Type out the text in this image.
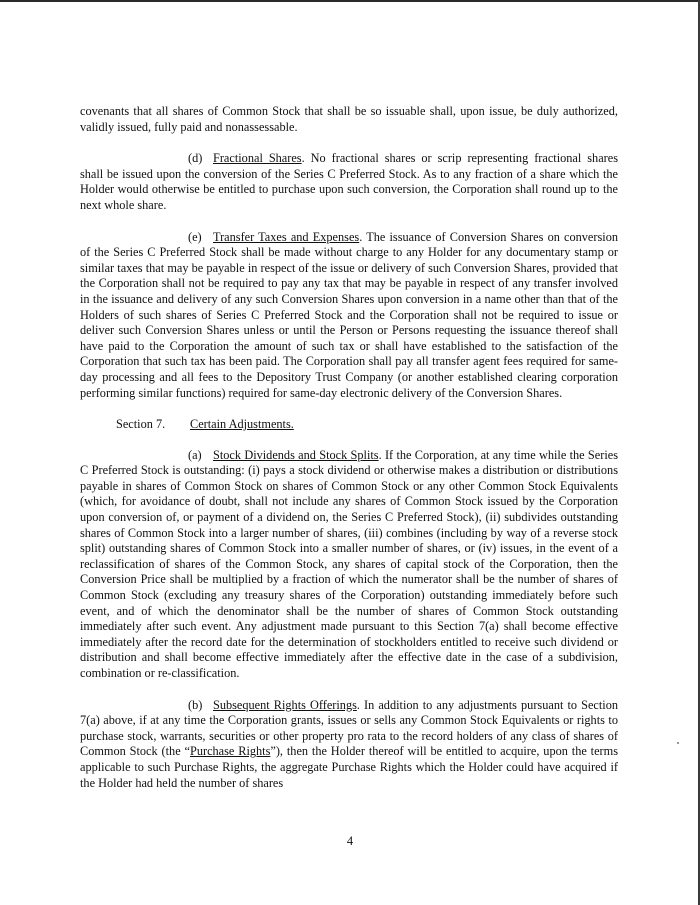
covenants that all shares of Common Stock that shall be so issuable shall, upon issue, be duly authorized, validly issued, fully paid and nonassessable.

(d) Fractional Shares. No fractional shares or scrip representing fractional shares shall be issued upon the conversion of the Series C Preferred Stock. As to any fraction of a share which the Holder would otherwise be entitled to purchase upon such conversion, the Corporation shall round up to the next whole share.

(e) Transfer Taxes and Expenses. The issuance of Conversion Shares on conversion of the Series C Preferred Stock shall be made without charge to any Holder for any documentary stamp or similar taxes that may be payable in respect of the issue or delivery of such Conversion Shares, provided that the Corporation shall not be required to pay any tax that may be payable in respect of any transfer involved in the issuance and delivery of any such Conversion Shares upon conversion in a name other than that of the Holders of such shares of Series C Preferred Stock and the Corporation shall not be required to issue or deliver such Conversion Shares unless or until the Person or Persons requesting the issuance thereof shall have paid to the Corporation the amount of such tax or shall have established to the satisfaction of the Corporation that such tax has been paid. The Corporation shall pay all transfer agent fees required for same-day processing and all fees to the Depository Trust Company (or another established clearing corporation performing similar functions) required for same-day electronic delivery of the Conversion Shares.

Section 7. Certain Adjustments.

(a) Stock Dividends and Stock Splits. If the Corporation, at any time while the Series C Preferred Stock is outstanding: (i) pays a stock dividend or otherwise makes a distribution or distributions payable in shares of Common Stock on shares of Common Stock or any other Common Stock Equivalents (which, for avoidance of doubt, shall not include any shares of Common Stock issued by the Corporation upon conversion of, or payment of a dividend on, the Series C Preferred Stock), (ii) subdivides outstanding shares of Common Stock into a larger number of shares, (iii) combines (including by way of a reverse stock split) outstanding shares of Common Stock into a smaller number of shares, or (iv) issues, in the event of a reclassification of shares of the Common Stock, any shares of capital stock of the Corporation, then the Conversion Price shall be multiplied by a fraction of which the numerator shall be the number of shares of Common Stock (excluding any treasury shares of the Corporation) outstanding immediately before such event, and of which the denominator shall be the number of shares of Common Stock outstanding immediately after such event. Any adjustment made pursuant to this Section 7(a) shall become effective immediately after the record date for the determination of stockholders entitled to receive such dividend or distribution and shall become effective immediately after the effective date in the case of a subdivision, combination or re-classification.

(b) Subsequent Rights Offerings. In addition to any adjustments pursuant to Section 7(a) above, if at any time the Corporation grants, issues or sells any Common Stock Equivalents or rights to purchase stock, warrants, securities or other property pro rata to the record holders of any class of shares of Common Stock (the “Purchase Rights”), then the Holder thereof will be entitled to acquire, upon the terms applicable to such Purchase Rights, the aggregate Purchase Rights which the Holder could have acquired if the Holder had held the number of shares

4
